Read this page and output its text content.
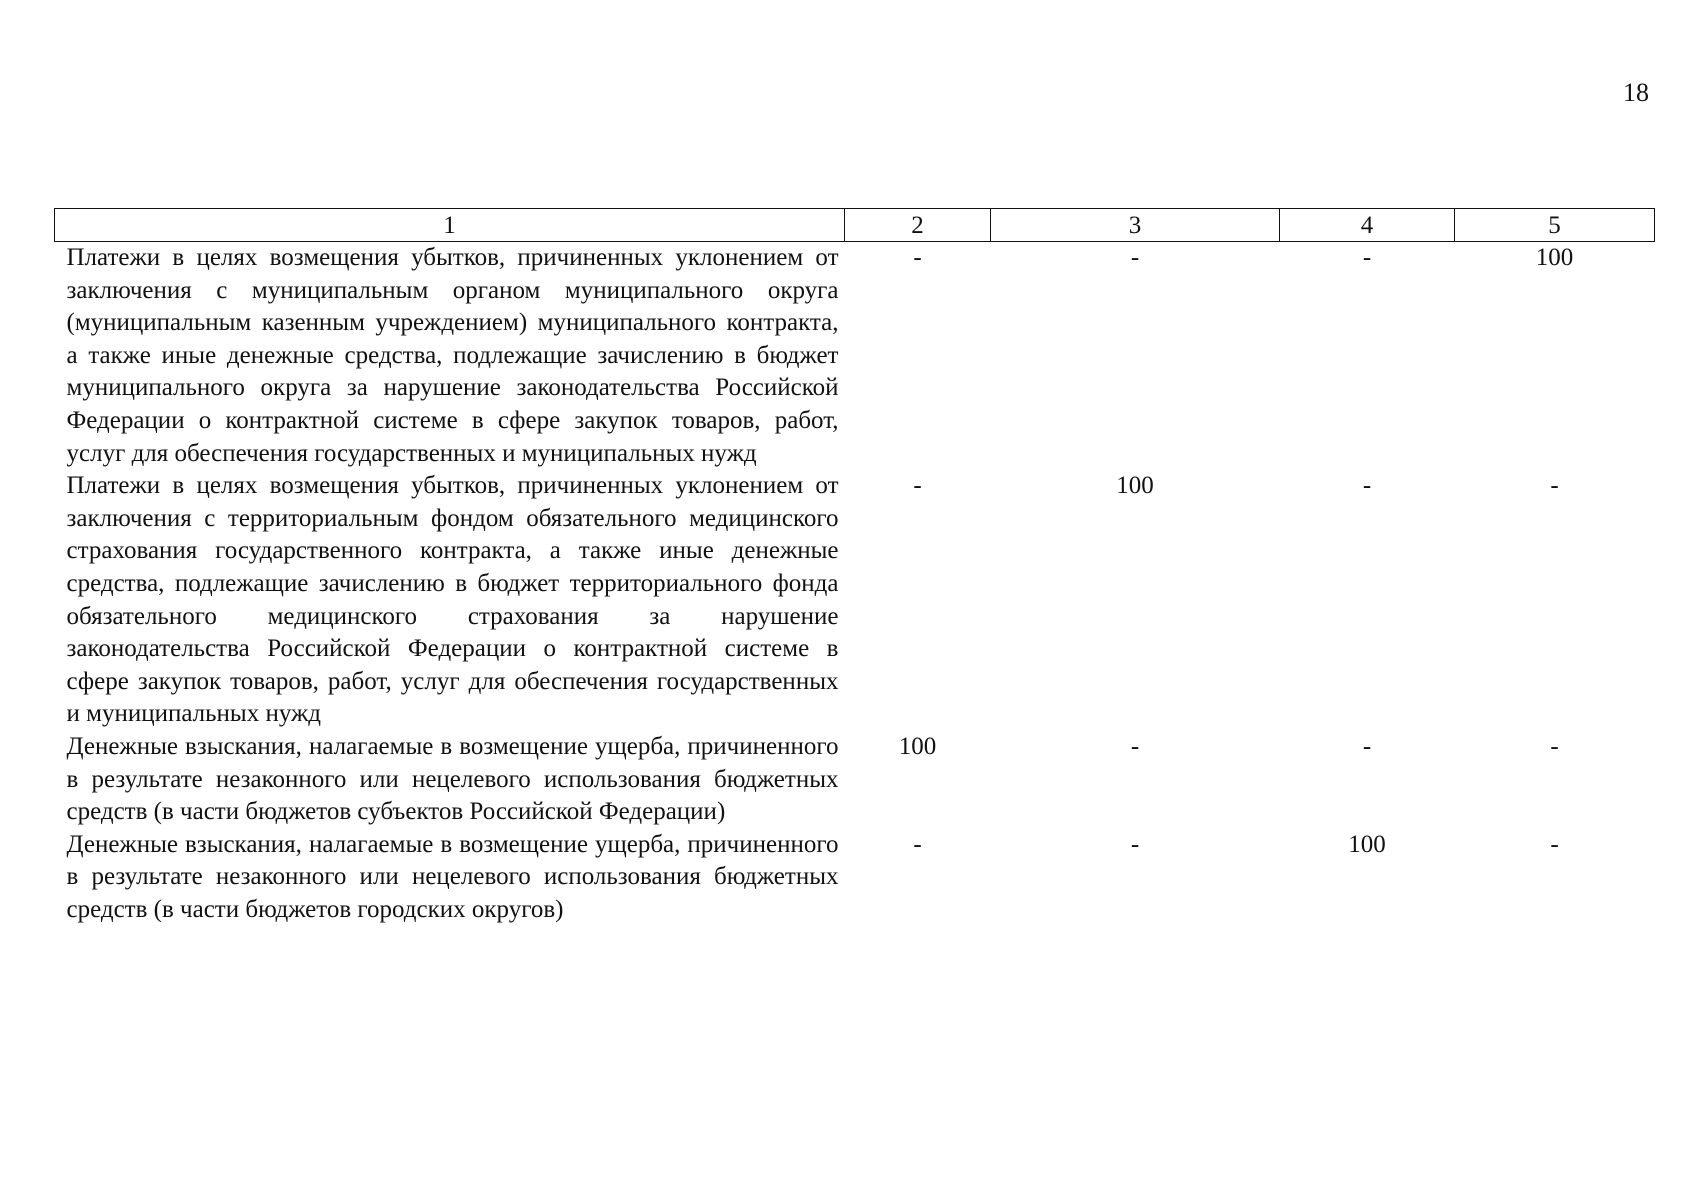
18
1	2	3	4	5
Платежи в целях возмещения убытков, причиненных уклонением от заключения с муниципальным органом муниципального округа (муниципальным казенным учреждением) муниципального контракта, а также иные денежные средства, подлежащие зачислению в бюджет муниципального округа за нарушение законодательства Российской Федерации о контрактной системе в сфере закупок товаров, работ, услуг для обеспечения государственных и муниципальных нужд	-	-	-	100
Платежи в целях возмещения убытков, причиненных уклонением от заключения с территориальным фондом обязательного медицинского страхования государственного контракта, а также иные денежные средства, подлежащие зачислению в бюджет территориального фонда обязательного медицинского страхования за нарушение законодательства Российской Федерации о контрактной системе в сфере закупок товаров, работ, услуг для обеспечения государственных и муниципальных нужд	-	100	-	-
Денежные взыскания, налагаемые в возмещение ущерба, причиненного в результате незаконного или нецелевого использования бюджетных средств (в части бюджетов субъектов Российской Федерации)	100	-	-	-
Денежные взыскания, налагаемые в возмещение ущерба, причиненного в результате незаконного или нецелевого использования бюджетных средств (в части бюджетов городских округов)	-	-	100	-
